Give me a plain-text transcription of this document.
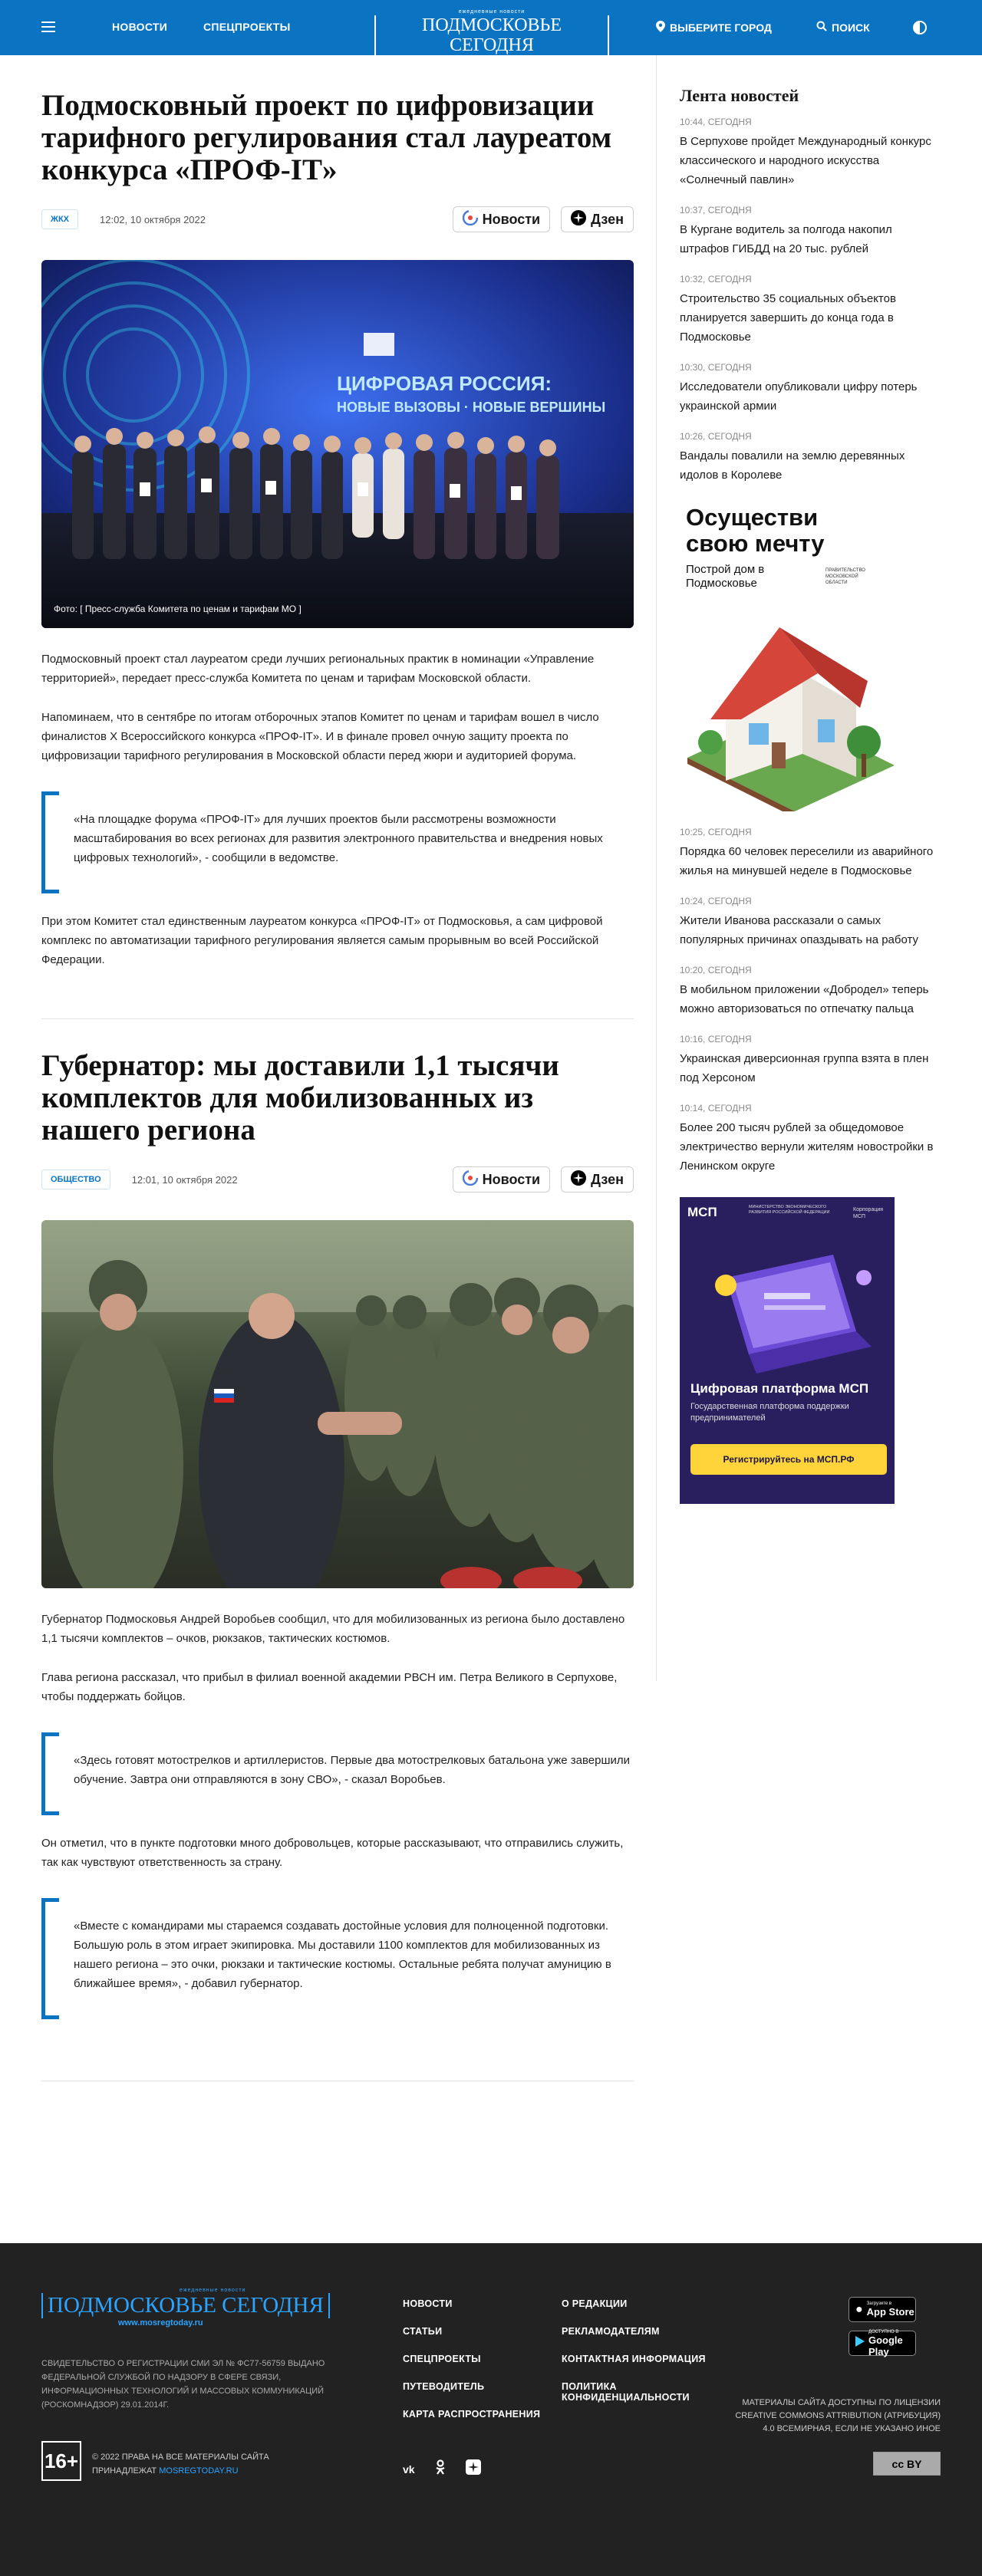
НОВОСТИ	СПЕЦПРОЕКТЫ
ежедневные новости
ПОДМОСКОВЬЕ СЕГОДНЯ
www.mosregtoday.ru
ВЫБЕРИТЕ ГОРОД	ПОИСК
Подмосковный проект по цифровизации тарифного регулирования стал лауреатом конкурса «ПРОФ-IT»
ЖКХ	12:02, 10 октября 2022	Новости	Дзен
ЦИФРОВАЯ РОССИЯ:
НОВЫЕ ВЫЗОВЫ · НОВЫЕ ВЕРШИНЫ
Фото: [ Пресс-служба Комитета по ценам и тарифам МО ]

Подмосковный проект стал лауреатом среди лучших региональных практик в номинации «Управление территорией», передает пресс-служба Комитета по ценам и тарифам Московской области.

Напоминаем, что в сентябре по итогам отборочных этапов Комитет по ценам и тарифам вошел в число финалистов X Всероссийского конкурса «ПРОФ-IT». И в финале провел очную защиту проекта по цифровизации тарифного регулирования в Московской области перед жюри и аудиторией форума.

«На площадке форума «ПРОФ-IT» для лучших проектов были рассмотрены возможности масштабирования во всех регионах для развития электронного правительства и внедрения новых цифровых технологий», - сообщили в ведомстве.

При этом Комитет стал единственным лауреатом конкурса «ПРОФ-IT» от Подмосковья, а сам цифровой комплекс по автоматизации тарифного регулирования является самым прорывным во всей Российской Федерации.

Губернатор: мы доставили 1,1 тысячи комплектов для мобилизованных из нашего региона
ОБЩЕСТВО	12:01, 10 октября 2022	Новости	Дзен

Губернатор Подмосковья Андрей Воробьев сообщил, что для мобилизованных из региона было доставлено 1,1 тысячи комплектов – очков, рюкзаков, тактических костюмов.

Глава региона рассказал, что прибыл в филиал военной академии РВСН им. Петра Великого в Серпухове, чтобы поддержать бойцов.

«Здесь готовят мотострелков и артиллеристов. Первые два мотострелковых батальона уже завершили обучение. Завтра они отправляются в зону СВО», - сказал Воробьев.

Он отметил, что в пункте подготовки много добровольцев, которые рассказывают, что отправились служить, так как чувствуют ответственность за страну.

«Вместе с командирами мы стараемся создавать достойные условия для полноценной подготовки. Большую роль в этом играет экипировка. Мы доставили 1100 комплектов для мобилизованных из нашего региона – это очки, рюкзаки и тактические костюмы. Остальные ребята получат амуницию в ближайшее время», - добавил губернатор.
Лента новостей
10:44, СЕГОДНЯ
В Серпухове пройдет Международный конкурс классического и народного искусства «Солнечный павлин»
10:37, СЕГОДНЯ
В Кургане водитель за полгода накопил штрафов ГИБДД на 20 тыс. рублей
10:32, СЕГОДНЯ
Строительство 35 социальных объектов планируется завершить до конца года в Подмосковье
10:30, СЕГОДНЯ
Исследователи опубликовали цифру потерь украинской армии
10:26, СЕГОДНЯ
Вандалы повалили на землю деревянных идолов в Королеве
Осуществи свою мечту
Построй дом в Подмосковье
ПРАВИТЕЛЬСТВО МОСКОВСКОЙ ОБЛАСТИ
10:25, СЕГОДНЯ
Порядка 60 человек переселили из аварийного жилья на минувшей неделе в Подмосковье
10:24, СЕГОДНЯ
Жители Иванова рассказали о самых популярных причинах опаздывать на работу
10:20, СЕГОДНЯ
В мобильном приложении «Добродел» теперь можно авторизоваться по отпечатку пальца
10:16, СЕГОДНЯ
Украинская диверсионная группа взята в плен под Херсоном
10:14, СЕГОДНЯ
Более 200 тысяч рублей за общедомовое электричество вернули жителям новостройки в Ленинском округе
МСП	МИНИСТЕРСТВО ЭКОНОМИЧЕСКОГО РАЗВИТИЯ РОССИЙСКОЙ ФЕДЕРАЦИИ	Корпорация МСП
Цифровая платформа МСП
Государственная платформа поддержки предпринимателей
Регистрируйтесь на МСП.РФ
ежедневные новости
ПОДМОСКОВЬЕ СЕГОДНЯ
www.mosregtoday.ru
СВИДЕТЕЛЬСТВО О РЕГИСТРАЦИИ СМИ ЭЛ № ФС77-56759 ВЫДАНО ФЕДЕРАЛЬНОЙ СЛУЖБОЙ ПО НАДЗОРУ В СФЕРЕ СВЯЗИ, ИНФОРМАЦИОННЫХ ТЕХНОЛОГИЙ И МАССОВЫХ КОММУНИКАЦИЙ (РОСКОМНАДЗОР) 29.01.2014Г.
16+	© 2022 ПРАВА НА ВСЕ МАТЕРИАЛЫ САЙТА ПРИНАДЛЕЖАТ MOSREGTODAY.RU
НОВОСТИ
СТАТЬИ
СПЕЦПРОЕКТЫ
ПУТЕВОДИТЕЛЬ
КАРТА РАСПРОСТРАНЕНИЯ
О РЕДАКЦИИ
РЕКЛАМОДАТЕЛЯМ
КОНТАКТНАЯ ИНФОРМАЦИЯ
ПОЛИТИКА КОНФИДЕНЦИАЛЬНОСТИ
vk
● Загрузите в
App Store
ДОСТУПНО В
Google Play
МАТЕРИАЛЫ САЙТА ДОСТУПНЫ ПО ЛИЦЕНЗИИ CREATIVE COMMONS ATTRIBUTION (АТРИБУЦИЯ) 4.0 ВСЕМИРНАЯ, ЕСЛИ НЕ УКАЗАНО ИНОЕ
cc BY
